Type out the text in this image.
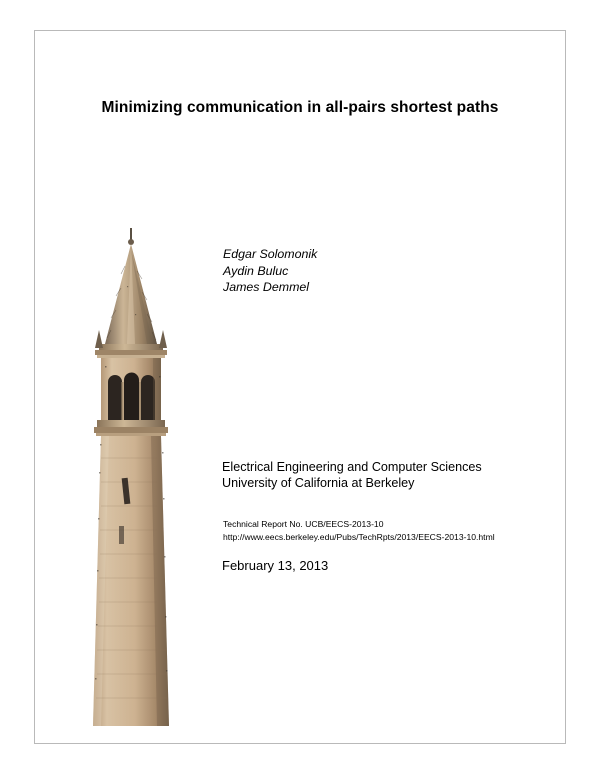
Minimizing communication in all-pairs shortest paths
Edgar Solomonik
Aydin Buluc
James Demmel
Electrical Engineering and Computer Sciences
University of California at Berkeley
Technical Report No. UCB/EECS-2013-10
http://www.eecs.berkeley.edu/Pubs/TechRpts/2013/EECS-2013-10.html
February 13, 2013
